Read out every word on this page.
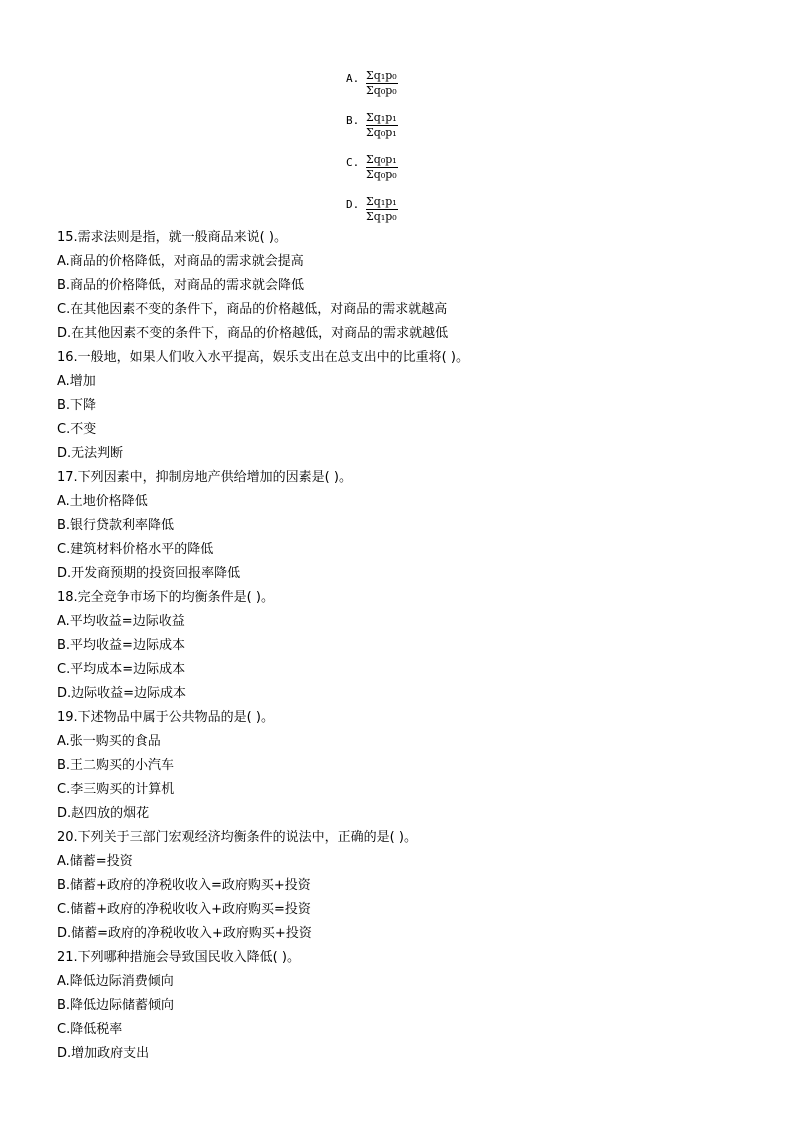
A. $\frac{\text{Σq₁p₀}}{\text{Σq₀p₀}}$
B. $\frac{\text{Σq₁p₁}}{\text{Σq₀p₁}}$
C. $\frac{\text{Σq₀p₁}}{\text{Σq₀p₀}}$
D. $\frac{\text{Σq₁p₁}}{\text{Σq₁p₀}}$
15.需求法则是指，就一般商品来说( )。
A.商品的价格降低，对商品的需求就会提高
B.商品的价格降低，对商品的需求就会降低
C.在其他因素不变的条件下，商品的价格越低，对商品的需求就越高
D.在其他因素不变的条件下，商品的价格越低，对商品的需求就越低
16.一般地，如果人们收入水平提高，娱乐支出在总支出中的比重将( )。
A.增加
B.下降
C.不变
D.无法判断
17.下列因素中，抑制房地产供给增加的因素是( )。
A.土地价格降低
B.银行贷款利率降低
C.建筑材料价格水平的降低
D.开发商预期的投资回报率降低
18.完全竞争市场下的均衡条件是( )。
A.平均收益=边际收益
B.平均收益=边际成本
C.平均成本=边际成本
D.边际收益=边际成本
19.下述物品中属于公共物品的是( )。
A.张一购买的食品
B.王二购买的小汽车
C.李三购买的计算机
D.赵四放的烟花
20.下列关于三部门宏观经济均衡条件的说法中，正确的是( )。
A.储蓄=投资
B.储蓄+政府的净税收收入=政府购买+投资
C.储蓄+政府的净税收收入+政府购买=投资
D.储蓄=政府的净税收收入+政府购买+投资
21.下列哪种措施会导致国民收入降低( )。
A.降低边际消费倾向
B.降低边际储蓄倾向
C.降低税率
D.增加政府支出
